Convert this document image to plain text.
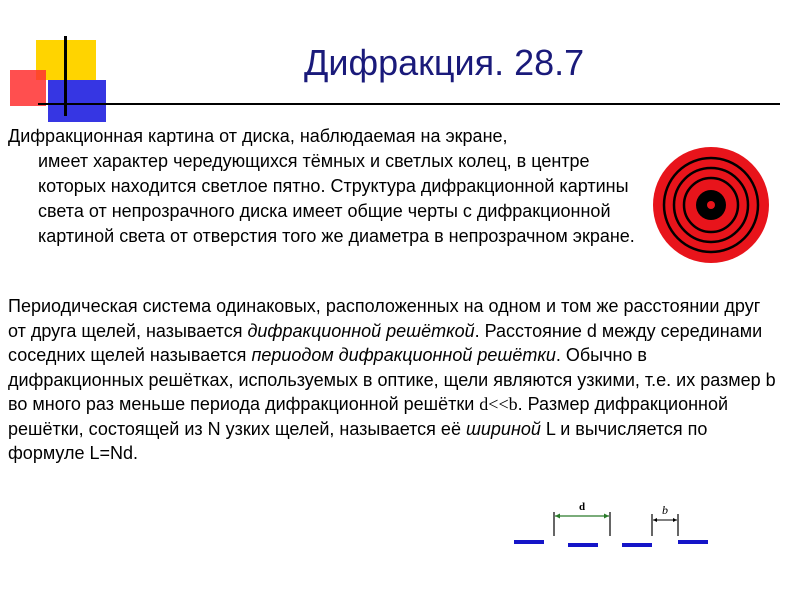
Дифракция. 28.7

Дифракционная картина от диска, наблюдаемая на экране,
имеет характер чередующихся тёмных и светлых колец, в центре которых находится светлое пятно. Структура дифракционной картины света от непрозрачного диска имеет общие черты с дифракционной картиной света от отверстия того же диаметра в непрозрачном экране.

Периодическая система одинаковых, расположенных на одном и том же расстоянии друг от друга щелей, называется дифракционной решёткой. Расстояние d между серединами соседних щелей называется периодом дифракционной решётки. Обычно в дифракционных решётках, используемых в оптике, щели являются узкими, т.е. их размер b во много раз меньше периода дифракционной решётки d<<b. Размер дифракционной решётки, состоящей из N узких щелей, называется её шириной L и вычисляется по формуле L=Nd.

d	b
